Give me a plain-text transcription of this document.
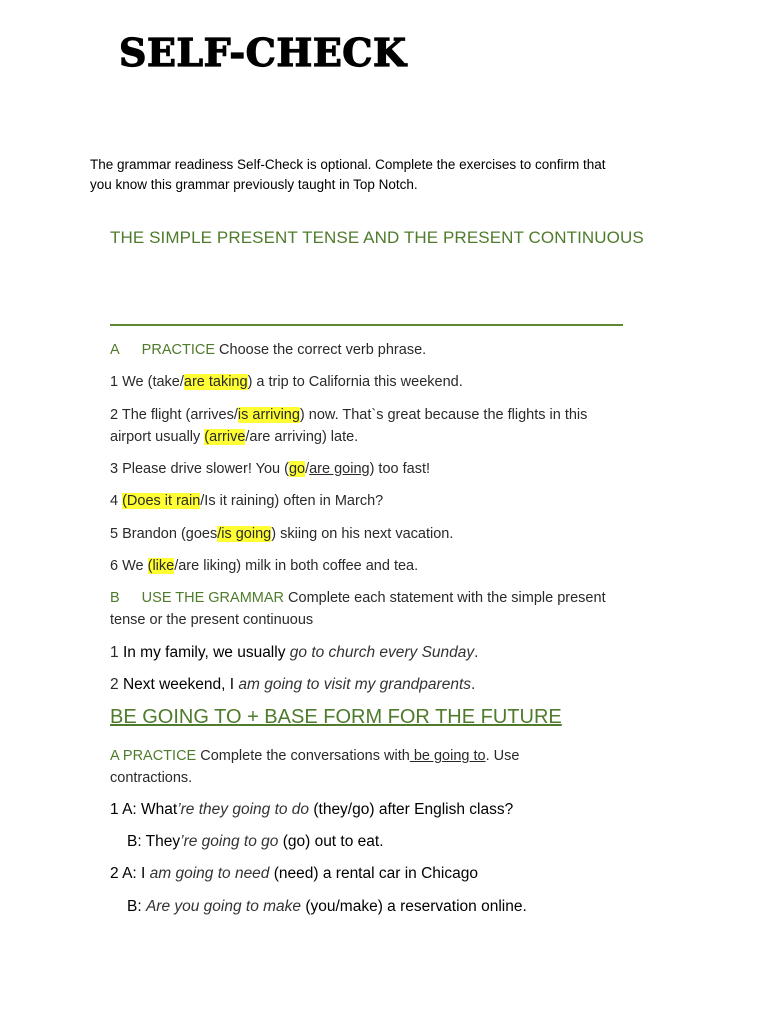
SELF-CHECK
The grammar readiness Self-Check is optional. Complete the exercises to confirm that
you know this grammar previously taught in Top Notch.
THE SIMPLE PRESENT TENSE AND THE PRESENT CONTINUOUS
A PRACTICE Choose the correct verb phrase.
1 We (take/are taking) a trip to California this weekend.
2 The flight (arrives/is arriving) now. That`s great because the flights in this
airport usually (arrive/are arriving) late.
3 Please drive slower! You (go/are going) too fast!
4 (Does it rain/Is it raining) often in March?
5 Brandon (goes/is going) skiing on his next vacation.
6 We (like/are liking) milk in both coffee and tea.
B USE THE GRAMMAR Complete each statement with the simple present
tense or the present continuous
1 In my family, we usually go to church every Sunday.
2 Next weekend, I am going to visit my grandparents.
BE GOING TO + BASE FORM FOR THE FUTURE
A PRACTICE Complete the conversations with be going to. Use
contractions.
1 A: What’re they going to do (they/go) after English class?
B: They’re going to go (go) out to eat.
2 A: I am going to need (need) a rental car in Chicago
B: Are you going to make (you/make) a reservation online.
